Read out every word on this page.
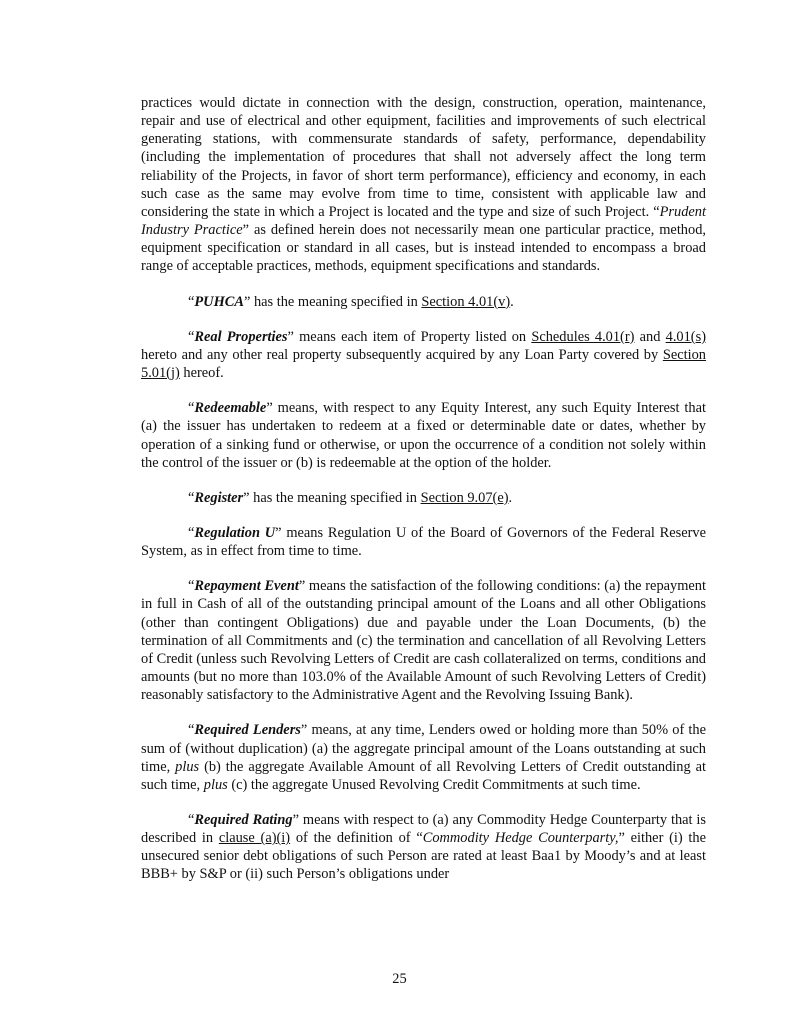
practices would dictate in connection with the design, construction, operation, maintenance, repair and use of electrical and other equipment, facilities and improvements of such electrical generating stations, with commensurate standards of safety, performance, dependability (including the implementation of procedures that shall not adversely affect the long term reliability of the Projects, in favor of short term performance), efficiency and economy, in each such case as the same may evolve from time to time, consistent with applicable law and considering the state in which a Project is located and the type and size of such Project. “Prudent Industry Practice” as defined herein does not necessarily mean one particular practice, method, equipment specification or standard in all cases, but is instead intended to encompass a broad range of acceptable practices, methods, equipment specifications and standards.

“PUHCA” has the meaning specified in Section 4.01(v).

“Real Properties” means each item of Property listed on Schedules 4.01(r) and 4.01(s) hereto and any other real property subsequently acquired by any Loan Party covered by Section 5.01(j) hereof.

“Redeemable” means, with respect to any Equity Interest, any such Equity Interest that (a) the issuer has undertaken to redeem at a fixed or determinable date or dates, whether by operation of a sinking fund or otherwise, or upon the occurrence of a condition not solely within the control of the issuer or (b) is redeemable at the option of the holder.

“Register” has the meaning specified in Section 9.07(e).

“Regulation U” means Regulation U of the Board of Governors of the Federal Reserve System, as in effect from time to time.

“Repayment Event” means the satisfaction of the following conditions: (a) the repayment in full in Cash of all of the outstanding principal amount of the Loans and all other Obligations (other than contingent Obligations) due and payable under the Loan Documents, (b) the termination of all Commitments and (c) the termination and cancellation of all Revolving Letters of Credit (unless such Revolving Letters of Credit are cash collateralized on terms, conditions and amounts (but no more than 103.0% of the Available Amount of such Revolving Letters of Credit) reasonably satisfactory to the Administrative Agent and the Revolving Issuing Bank).

“Required Lenders” means, at any time, Lenders owed or holding more than 50% of the sum of (without duplication) (a) the aggregate principal amount of the Loans outstanding at such time, plus (b) the aggregate Available Amount of all Revolving Letters of Credit outstanding at such time, plus (c) the aggregate Unused Revolving Credit Commitments at such time.

“Required Rating” means with respect to (a) any Commodity Hedge Counterparty that is described in clause (a)(i) of the definition of “Commodity Hedge Counterparty,” either (i) the unsecured senior debt obligations of such Person are rated at least Baa1 by Moody’s and at least BBB+ by S&P or (ii) such Person’s obligations under

25
